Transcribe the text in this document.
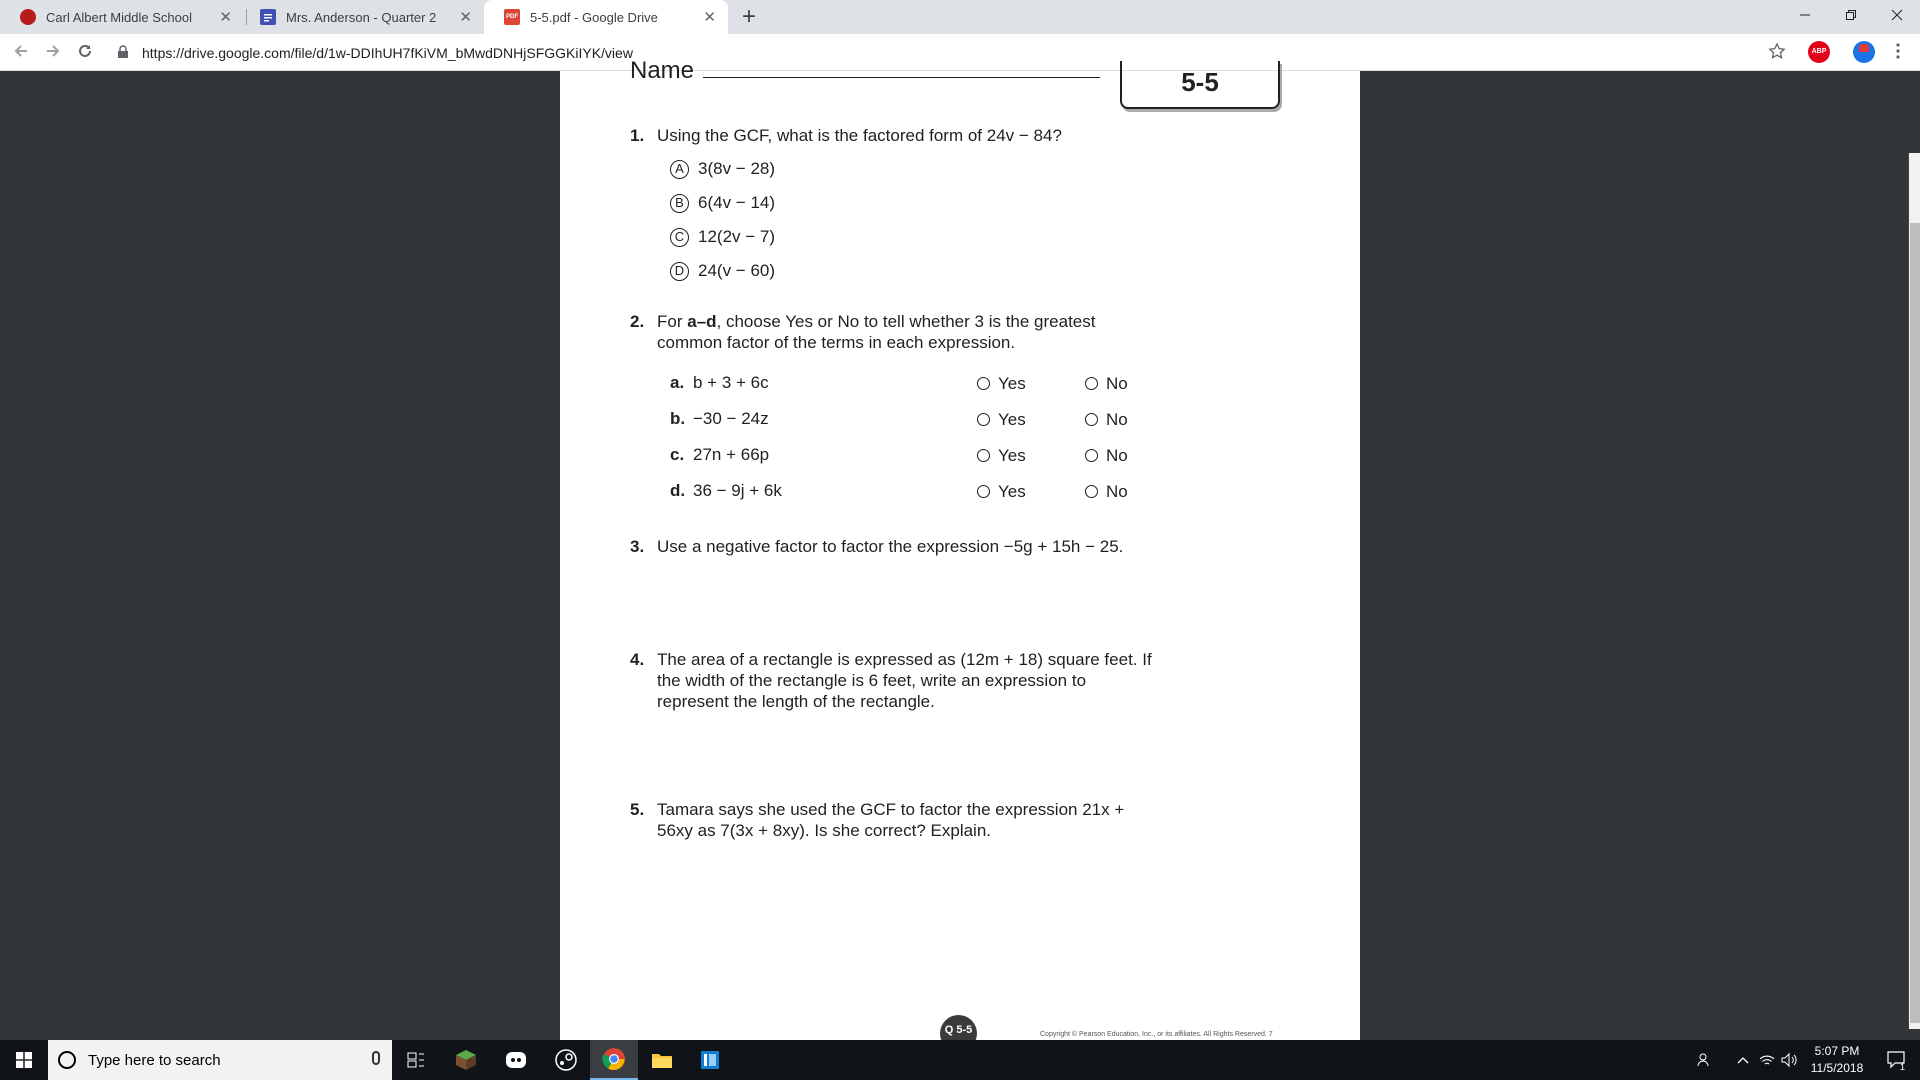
Carl Albert Middle School	✕	Mrs. Anderson - Quarter 2	✕	PDF 5-5.pdf - Google Drive	✕ +
https://drive.google.com/file/d/1w-DDIhUH7fKiVM_bMwdDNHjSFGGKiIYK/view	ABP
Name	5-5
1. Using the GCF, what is the factored form of 24v − 84?
A 3(8v − 28)
B 6(4v − 14)
C 12(2v − 7)
D 24(v − 60)
2. For a–d, choose Yes or No to tell whether 3 is the greatest common factor of the terms in each expression.
a. b + 3 + 6c	Yes	No
b. −30 − 24z	Yes	No
c. 27n + 66p	Yes	No
d. 36 − 9j + 6k	Yes	No
3. Use a negative factor to factor the expression −5g + 15h − 25.
4. The area of a rectangle is expressed as (12m + 18) square feet. If the width of the rectangle is 6 feet, write an expression to represent the length of the rectangle.
5. Tamara says she used the GCF to factor the expression 21x + 56xy as 7(3x + 8xy). Is she correct? Explain.
Q 5-5	Copyright © Pearson Education, Inc., or its affiliates. All Rights Reserved. 7
Type here to search
5:07 PM
11/5/2018	1
